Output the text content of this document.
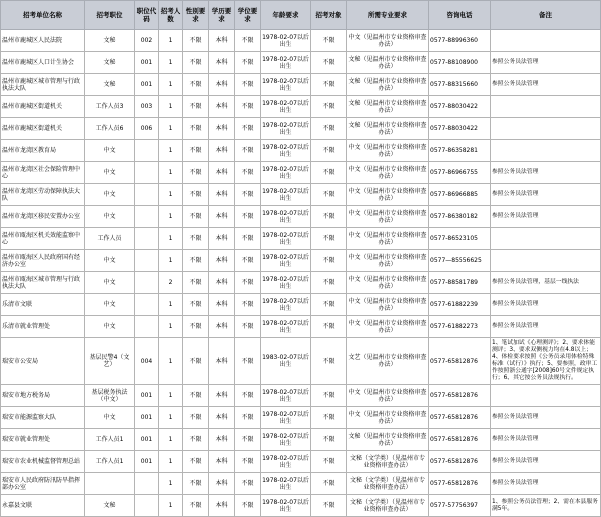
招考单位名称	招考职位	职位代码	招考人数	性别要求	学历要求	学位要求	年龄要求	招考对象	所需专业要求	咨询电话	备注
温州市鹿城区人民法院	文秘	002	1	不限	本科	不限	1978-02-07以后出生	不限	中文（见温州市专业资格审查办法）	0577-88996360	
温州市鹿城区人口计生协会	文秘	001	1	不限	本科	不限	1978-02-07以后出生	不限	文秘（见温州市专业资格审查办法）	0577-88108900	参照公务员法管理
温州市鹿城区城市管理与行政执法大队	文秘	001	1	不限	本科	不限	1978-02-07以后出生	不限	文秘（见温州市专业资格审查办法）	0577-88315660	参照公务员法管理
温州市鹿城区街道机关	工作人员3	003	1	不限	本科	不限	1978-02-07以后出生	不限	文秘（见温州市专业资格审查办法）	0577-88030422	
温州市鹿城区街道机关	工作人员6	006	1	不限	本科	不限	1978-02-07以后出生	不限	文秘（见温州市专业资格审查办法）	0577-88030422	
温州市龙湾区教育局	中文		1	不限	本科	不限	1978-02-07以后出生	不限	中文（见温州市专业资格审查办法）	0577-86358281	
温州市龙湾区社会保险管理中心	中文		1	不限	本科	不限	1978-02-07以后出生	不限	中文（见温州市专业资格审查办法）	0577-86966755	参照公务员法管理
温州市龙湾区劳动保障执法大队	中文		1	不限	本科	不限	1978-02-07以后出生	不限	中文（见温州市专业资格审查办法）	0577-86966885	参照公务员法管理
温州市龙湾区移民安置办公室	中文		1	不限	本科	不限	1978-02-07以后出生	不限	中文（见温州市专业资格审查办法）	0577-86380182	参照公务员法管理
温州市瓯海区机关效能监察中心	工作人员		1	不限	本科	不限	1978-02-07以后出生	不限	中文（见温州市专业资格审查办法）	0577-86523105	
温州市瓯海区人民政府国有经济办公室	中文		1	不限	本科	不限	1978-02-07以后出生	不限	中文（见温州市专业资格审查办法）	0577—85556625	
温州市瓯海区城市管理与行政执法大队	中文		2	不限	本科	不限	1978-02-07以后出生	不限	中文（见温州市专业资格审查办法）	0577-88581789	参照公务员法管理，基层一线执法
乐清市文联	中文		1	不限	本科	不限	1978-02-07以后出生	不限	中文（见温州市专业资格审查办法）	0577-61882239	参照公务员法管理
乐清市就业管理处	中文		1	不限	本科	不限	1978-02-07以后出生	不限	中文（见温州市专业资格审查办法）	0577-61882273	参照公务员法管理
瑞安市公安局	基层民警4（文艺）	004	1	不限	本科	不限	1983-02-07以后出生	不限	文艺（见温州市专业资格审查办法）	0577-65812876	1、笔试加试《心理测评》；2、要求体能测评；3、要求双侧视力均在4.8以上；4、体检要求按照《公务员录用体检特殊标准（试行）》执行；5、要参照，政审工作按照浙公通字[2008]60号文件规定执行；6、其它按公务员法规执行。
瑞安市地方税务局	基层税务执法（中文）	001	1	不限	本科	不限	1978-02-07以后出生	不限	中文（见温州市专业资格审查办法）	0577-65812876	
瑞安市能源监察大队	中文	001	1	不限	本科	不限	1978-02-07以后出生	不限	中文（见温州市专业资格审查办法）	0577-65812876	参照公务员法管理
瑞安市就业管理处	工作人员1	001	1	不限	本科	不限	1978-02-07以后出生	不限	文秘（见温州市专业资格审查办法）	0577-65812876	参照公务员法管理
瑞安市农业机械监督管理总站	工作人员1	001	1	不限	本科	不限	1978-02-07以后出生	不限	文秘（文学类）（见温州市专业资格审查办法）	0577-65812876	参照公务员法管理
瑞安市人民政府防汛防旱指挥部办公室			1	不限	本科	不限	1978-02-07以后出生	不限	文秘（文学类）（见温州市专业资格审查办法）	0577-65812876	参照公务员法管理
永嘉县文联	文秘		1	不限	本科	不限	1978-02-07以后出生	不限	文秘（文学类）（见温州市专业资格审查办法）	0577-57756397	1、参照公务员法管理；2、需在本县服务满5年。
